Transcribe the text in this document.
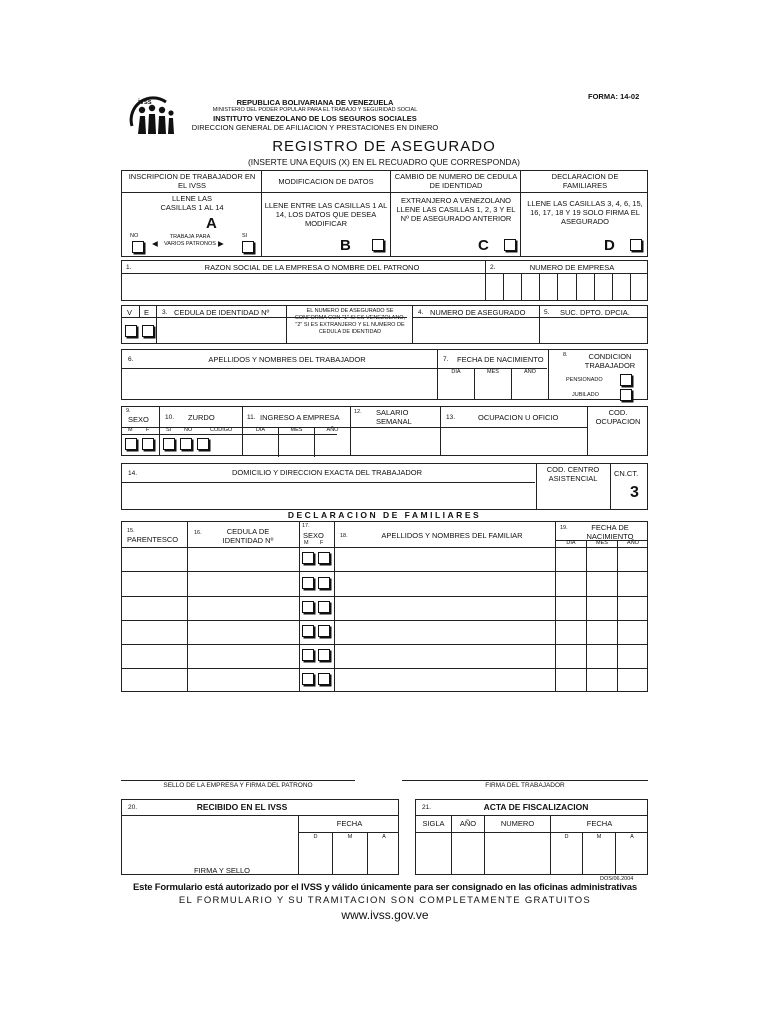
FORMA: 14-02
ivss	REPUBLICA BOLIVARIANA DE VENEZUELA
MINISTERIO DEL PODER POPULAR PARA EL TRABAJO Y SEGURIDAD SOCIAL
INSTITUTO VENEZOLANO DE LOS SEGUROS SOCIALES
DIRECCION GENERAL DE AFILIACION Y PRESTACIONES EN DINERO
REGISTRO DE ASEGURADO
(INSERTE UNA EQUIS (X) EN EL RECUADRO QUE CORRESPONDA)
INSCRIPCION DE TRABAJADOR EN EL IVSS
LLENE LAS CASILLAS 1 AL 14
A
NO
◀
TRABAJA PARA VARIOS PATRONOS ▶
SI
MODIFICACION DE DATOS
LLENE ENTRE LAS CASILLAS 1 AL 14, LOS DATOS QUE DESEA MODIFICAR
B
CAMBIO DE NUMERO DE CEDULA DE IDENTIDAD
EXTRANJERO A VENEZOLANO LLENE LAS CASILLAS 1, 2, 3 Y EL Nº DE ASEGURADO ANTERIOR
C
DECLARACION DE FAMILIARES
LLENE LAS CASILLAS 3, 4, 6, 15, 16, 17, 18 Y 19 SOLO FIRMA EL ASEGURADO
D
1.	RAZON SOCIAL DE LA EMPRESA O NOMBRE DEL PATRONO	2.	NUMERO DE EMPRESA
V E 3. CEDULA DE IDENTIDAD Nº	EL NUMERO DE ASEGURADO SE CONFORMA CON "1" SI ES VENEZOLANO, "2" SI ES EXTRANJERO Y EL NUMERO DE CEDULA DE IDENTIDAD
4. NUMERO DE ASEGURADO	5. SUC. DPTO. DPCIA.
6.	APELLIDOS Y NOMBRES DEL TRABAJADOR	7. FECHA DE NACIMIENTO
DIA	MES	AÑO
8.	CONDICION TRABAJADOR
PENSIONADO
JUBILADO
9.
SEXO
M F
10. ZURDO
SI NO	CODIGO
11. INGRESO A EMPRESA
DIA	MES	AÑO
12. SALARIO SEMANAL	13.	OCUPACION U OFICIO
COD. OCUPACION
14.	DOMICILIO Y DIRECCION EXACTA DEL TRABAJADOR	COD. CENTRO ASISTENCIAL
CN.CT.
3
DECLARACION DE FAMILIARES
15.
PARENTESCO
16.	CEDULA DE IDENTIDAD Nº
17.
SEXO
M F
18.	APELLIDOS Y NOMBRES DEL FAMILIAR
19.	FECHA DE NACIMIENTO
DIA	MES	AÑO
SELLO DE LA EMPRESA Y FIRMA DEL PATRONO	FIRMA DEL TRABAJADOR
20.	RECIBIDO EN EL IVSS
FECHA
D	M	A
FIRMA Y SELLO
21.	ACTA DE FISCALIZACION
SIGLA	AÑO	NUMERO	FECHA
D	M	A
DOS/06.2004
Este Formulario está autorizado por el IVSS y válido únicamente para ser consignado en las oficinas administrativas
EL FORMULARIO Y SU TRAMITACION SON COMPLETAMENTE GRATUITOS
www.ivss.gov.ve
